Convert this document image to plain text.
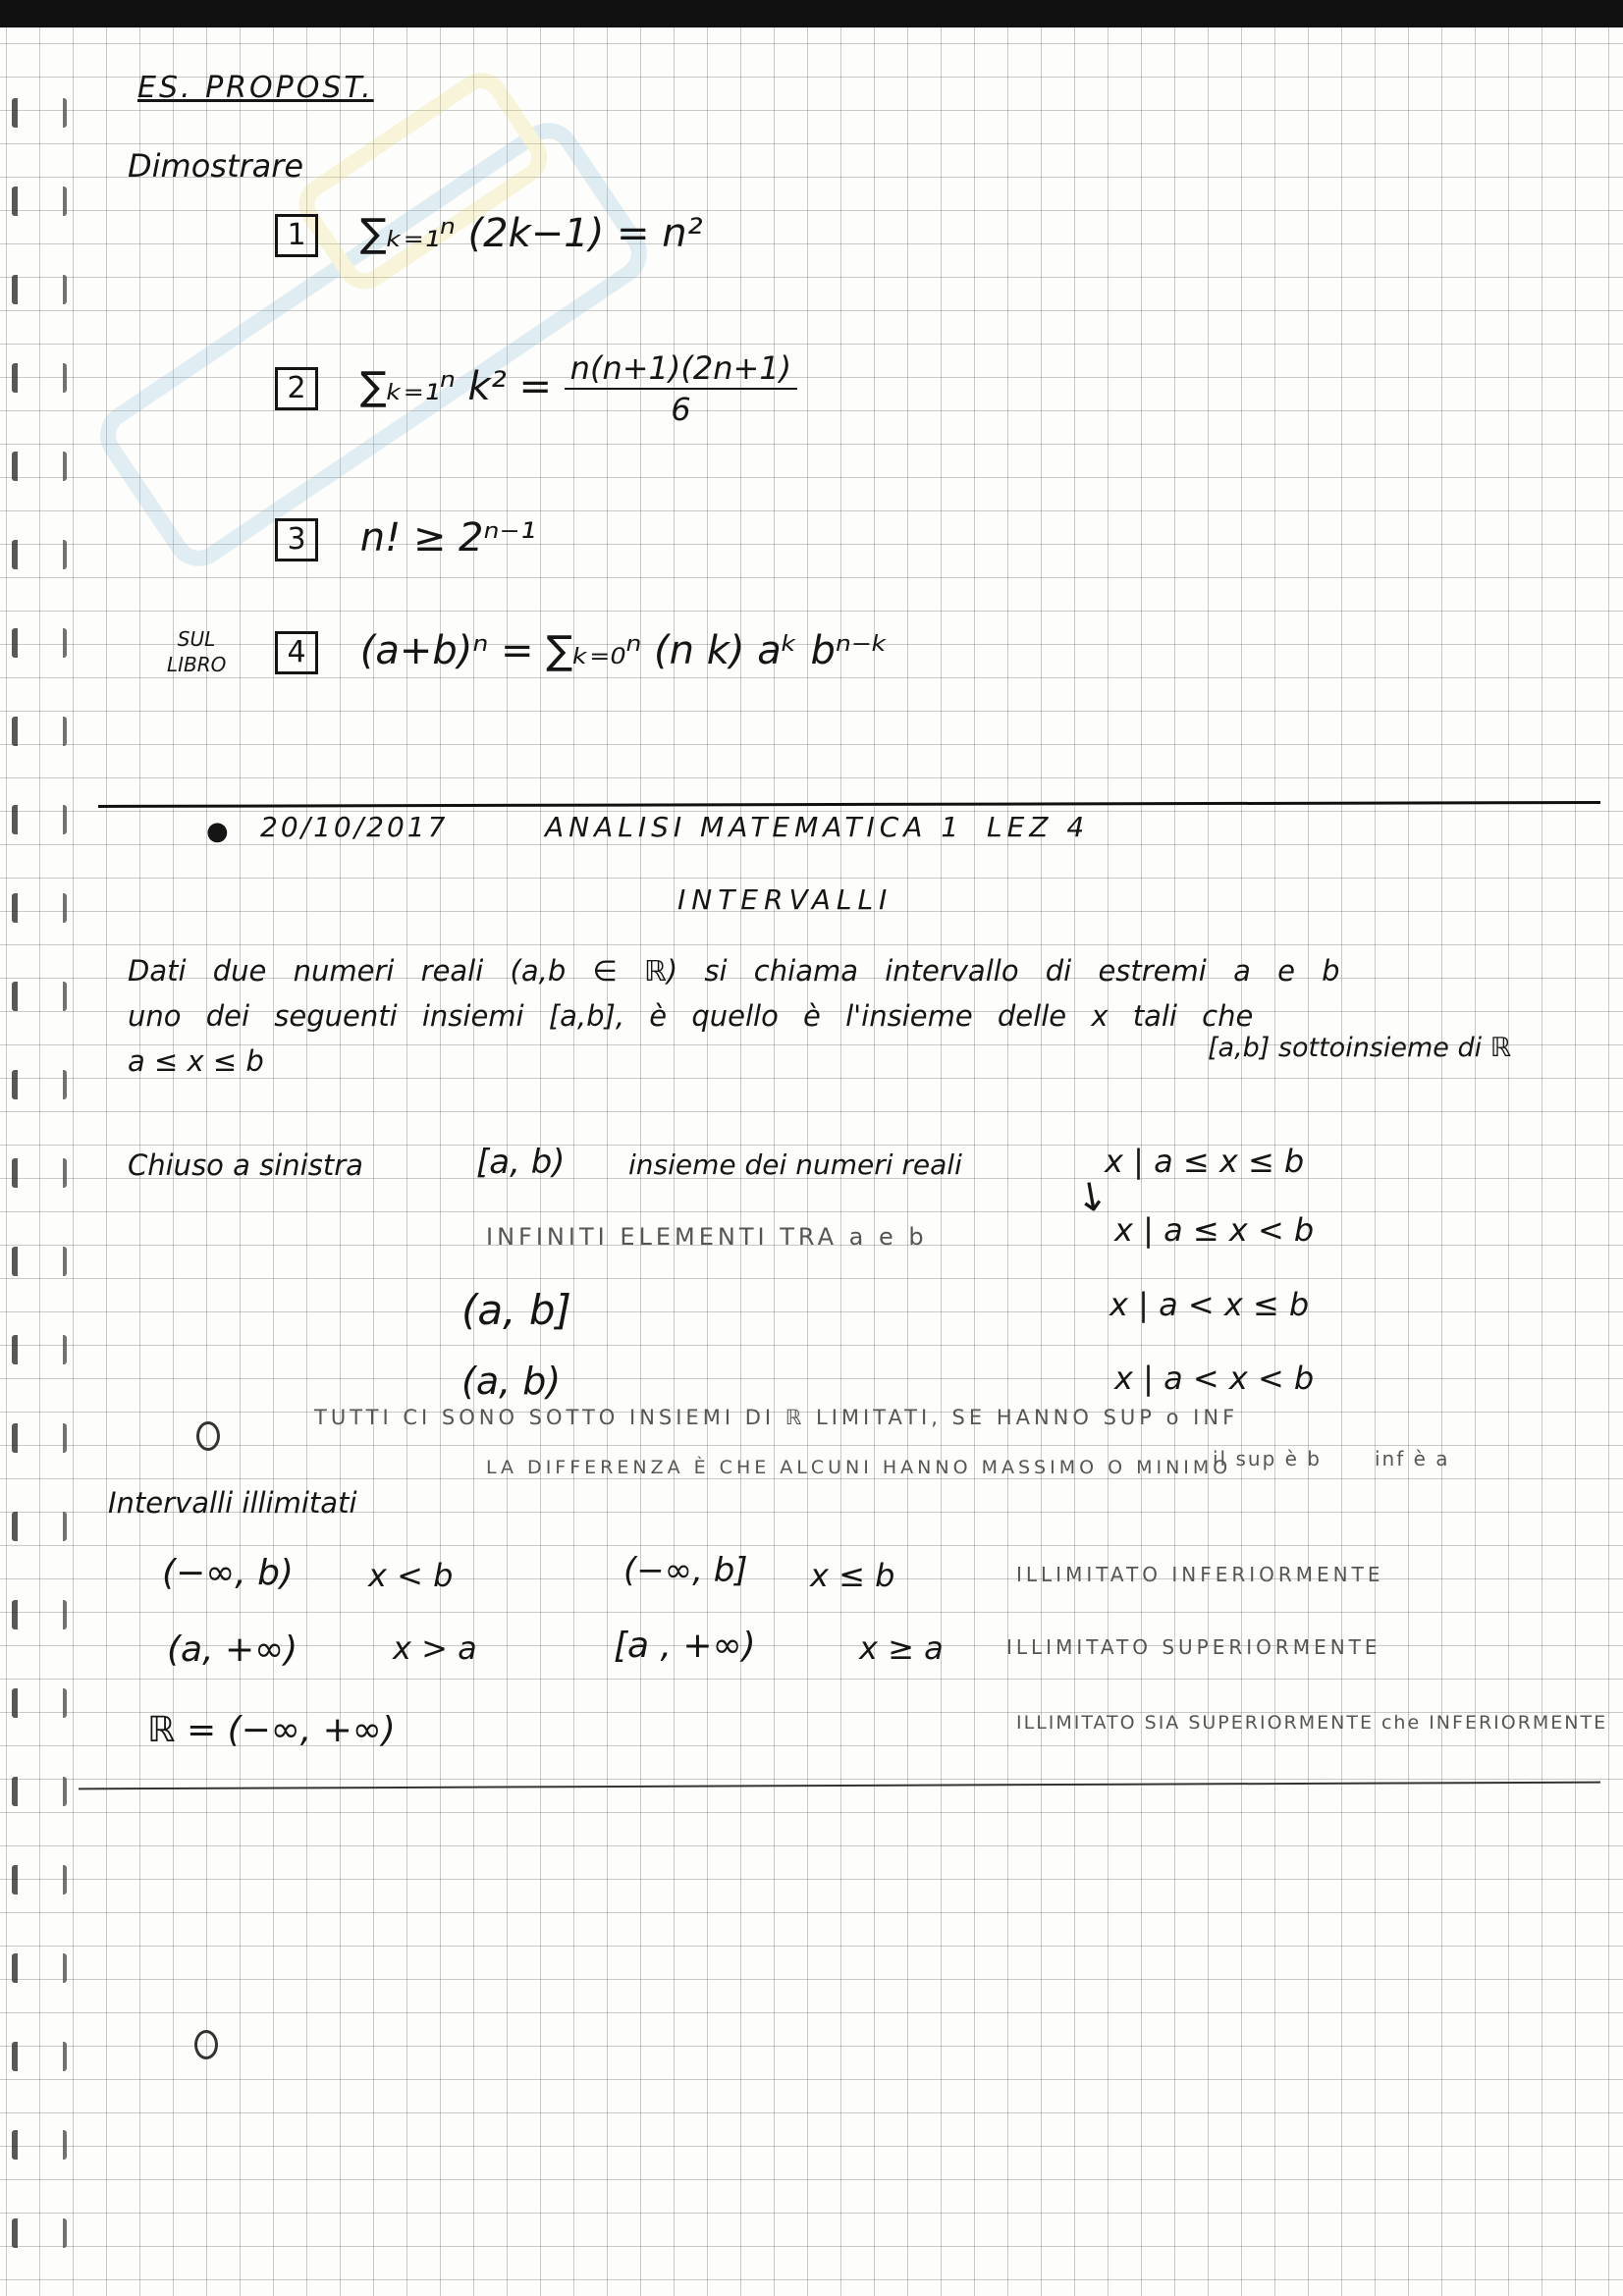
ES. PROPOST.
Dimostrare
1 ∑ₖ₌₁ⁿ (2k−1) = n²
2 ∑ₖ₌₁ⁿ $k^2 = \frac{n(n+1)(2n+1)}{6}$
3 n! ≥ 2ⁿ⁻¹
SUL LIBRO	4 (a+b)ⁿ = ∑ₖ₌₀ⁿ (n k) aᵏ bⁿ⁻ᵏ
● 20/10/2017	ANALISI MATEMATICA 1 LEZ 4
INTERVALLI
Dati due numeri reali (a,b ∈ ℝ) si chiama intervallo di estremi a e b
uno dei seguenti insiemi [a,b], è quello è l'insieme delle x tali che
a ≤ x ≤ b	[a,b] sottoinsieme di ℝ
Chiuso a sinistra	[a, b) insieme dei numeri reali	x | a ≤ x ≤ b
↘
x | a ≤ x < b
INFINITI ELEMENTI TRA a e b
(a, b]	x | a < x ≤ b
(a, b)	x | a < x < b
TUTTI CI SONO SOTTO INSIEMI DI ℝ LIMITATI, SE HANNO SUP o INF
LA DIFFERENZA È CHE ALCUNI HANNO MASSIMO O MINIMO
il sup è b	inf è a
Intervalli illimitati
(−∞, b) x < b	(−∞, b] x ≤ b	ILLIMITATO INFERIORMENTE
(a, +∞)	x > a	[a , +∞)	x ≥ a	ILLIMITATO SUPERIORMENTE
ℝ = (−∞, +∞)	ILLIMITATO SIA SUPERIORMENTE che INFERIORMENTE
